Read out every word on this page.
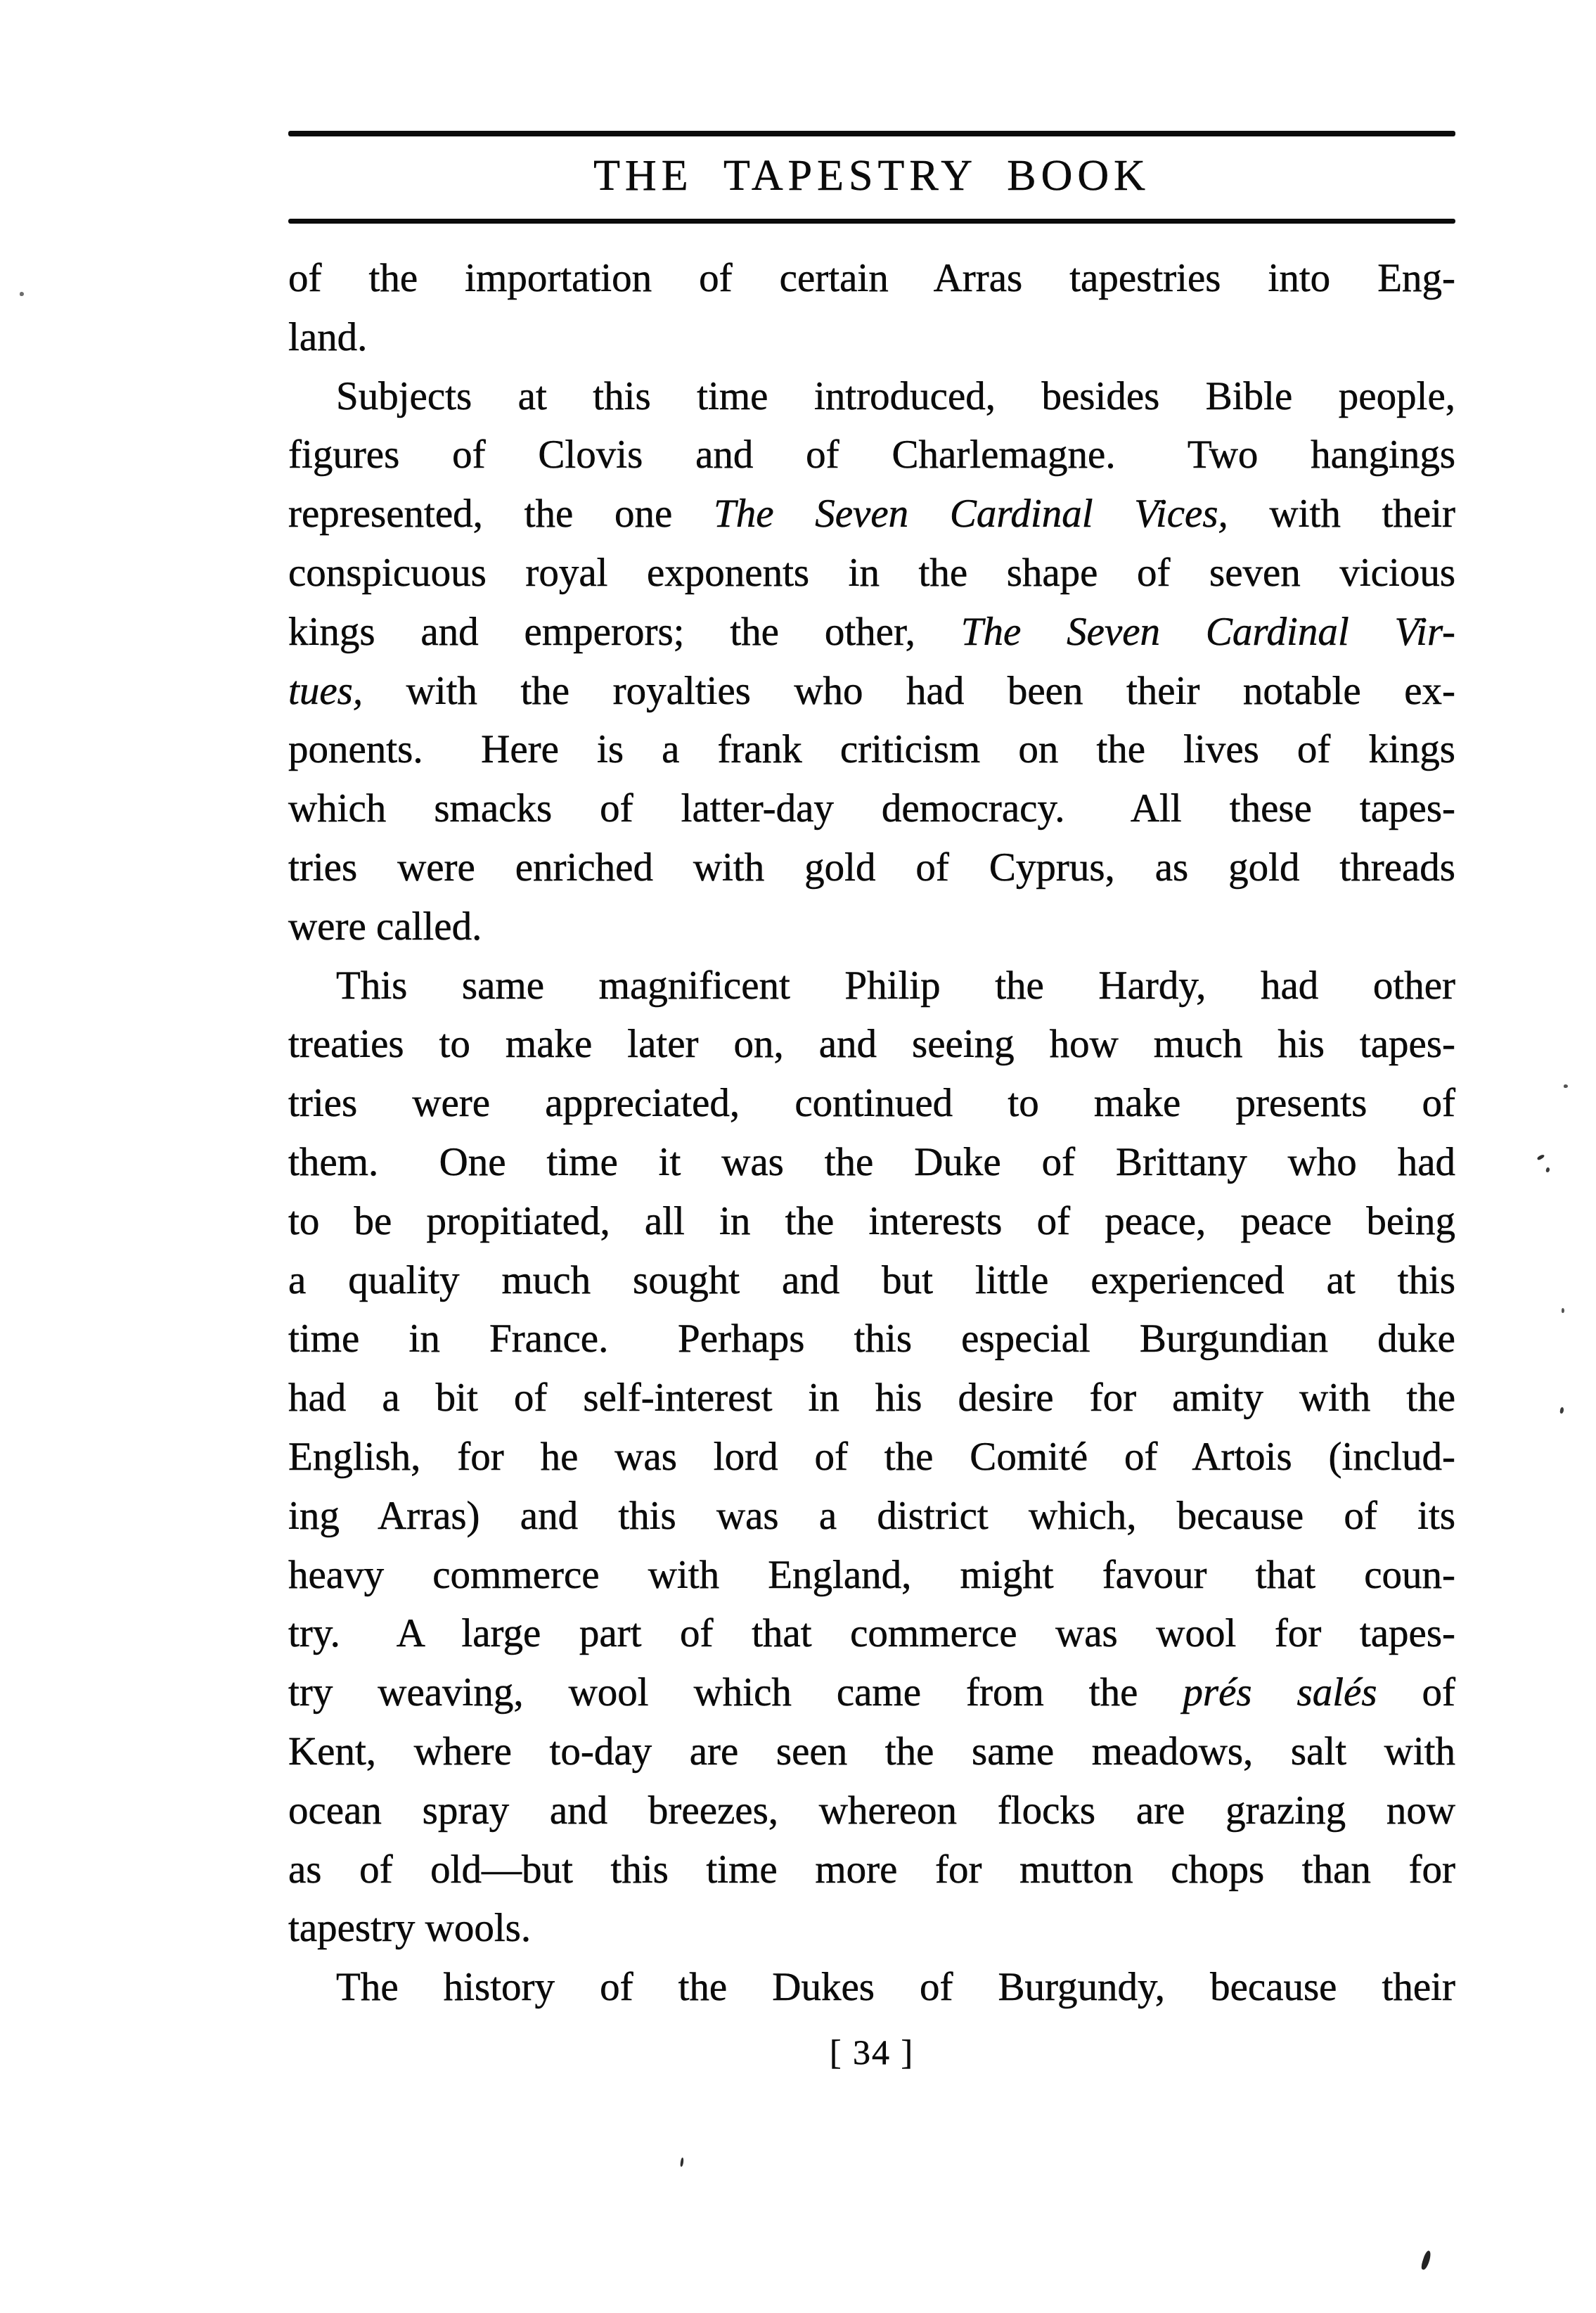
THE TAPESTRY BOOK
of the importation of certain Arras tapestries into Eng-
land.
Subjects at this time introduced, besides Bible people,
figures of Clovis and of Charlemagne.  Two hangings
represented, the one The Seven Cardinal Vices, with their
conspicuous royal exponents in the shape of seven vicious
kings and emperors; the other, The Seven Cardinal Vir-
tues, with the royalties who had been their notable ex-
ponents.  Here is a frank criticism on the lives of kings
which smacks of latter-day democracy.  All these tapes-
tries were enriched with gold of Cyprus, as gold threads
were called.
This same magnificent Philip the Hardy, had other
treaties to make later on, and seeing how much his tapes-
tries were appreciated, continued to make presents of
them.  One time it was the Duke of Brittany who had
to be propitiated, all in the interests of peace, peace being
a quality much sought and but little experienced at this
time in France.  Perhaps this especial Burgundian duke
had a bit of self-interest in his desire for amity with the
English, for he was lord of the Comité of Artois (includ-
ing Arras) and this was a district which, because of its
heavy commerce with England, might favour that coun-
try.  A large part of that commerce was wool for tapes-
try weaving, wool which came from the prés salés of
Kent, where to-day are seen the same meadows, salt with
ocean spray and breezes, whereon flocks are grazing now
as of old—but this time more for mutton chops than for
tapestry wools.
The history of the Dukes of Burgundy, because their
[ 34 ]
